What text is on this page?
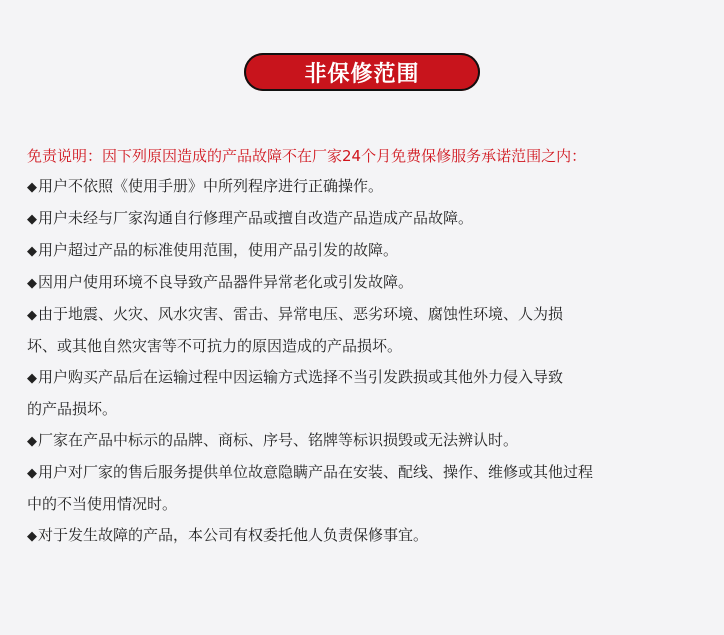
非保修范围
免责说明：因下列原因造成的产品故障不在厂家24个月免费保修服务承诺范围之内：
◆用户不依照《使用手册》中所列程序进行正确操作。
◆用户未经与厂家沟通自行修理产品或擅自改造产品造成产品故障。
◆用户超过产品的标准使用范围，使用产品引发的故障。
◆因用户使用环境不良导致产品器件异常老化或引发故障。
◆由于地震、火灾、风水灾害、雷击、异常电压、恶劣环境、腐蚀性环境、人为损
坏、或其他自然灾害等不可抗力的原因造成的产品损坏。
◆用户购买产品后在运输过程中因运输方式选择不当引发跌损或其他外力侵入导致
的产品损坏。
◆厂家在产品中标示的品牌、商标、序号、铭牌等标识损毁或无法辨认时。
◆用户对厂家的售后服务提供单位故意隐瞒产品在安装、配线、操作、维修或其他过程
中的不当使用情况时。
◆对于发生故障的产品，本公司有权委托他人负责保修事宜。
